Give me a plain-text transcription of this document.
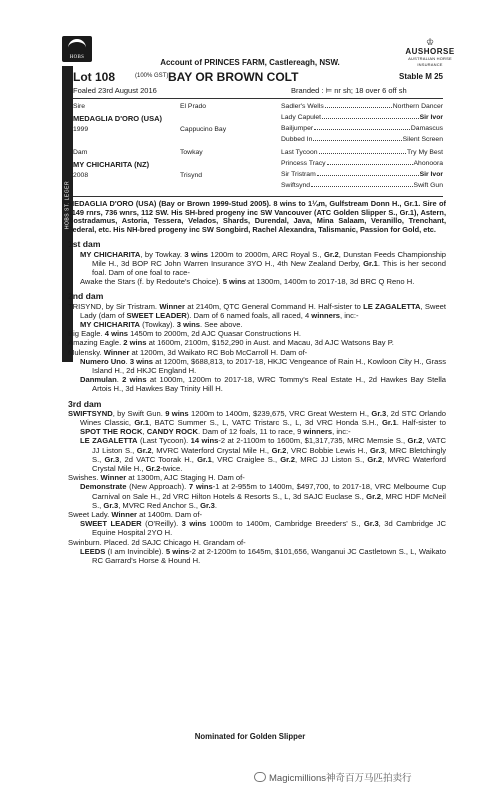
HOBS
♔
AUSHORSE
AUSTRALIAN HORSE INSURANCE
Account of PRINCES FARM, Castlereagh, NSW.
HOBS ST. LEGER
Lot 108	(100% GST) BAY OR BROWN COLT	Stable M 25
Foaled 23rd August 2016	Branded : ⊨ nr sh; 18 over 6 off sh
Sire	El Prado
MEDAGLIA D'ORO (USA)
1999	Cappucino Bay
Dam	Towkay
MY CHICHARITA (NZ)
2008	Trisynd
Sadler's Wells	Northern Dancer
Lady Capulet	Sir Ivor
Bailjumper	Damascus
Dubbed In	Silent Screen
Last Tycoon	Try My Best
Princess Tracy	Ahonoora
Sir Tristram	Sir Ivor
Swiftsynd	Swift Gun

MEDAGLIA D'ORO (USA) (Bay or Brown 1999-Stud 2005). 8 wins to 1¼m, Gulfstream Donn H., Gr.1. Sire of 1149 rnrs, 736 wnrs, 112 SW. His SH-bred progeny inc SW Vancouver (ATC Golden Slipper S., Gr.1), Astern, Nostradamus, Astoria, Tessera, Velados, Shards, Durendal, Java, Mina Salaam, Veranillo, Trenchant, Federal, etc. His NH-bred progeny inc SW Songbird, Rachel Alexandra, Talismanic, Passion for Gold, etc.

1st dam

MY CHICHARITA, by Towkay. 3 wins 1200m to 2000m, ARC Royal S., Gr.2, Dunstan Feeds Championship Mile H., 3d BOP RC John Warren Insurance 3YO H., 4th New Zealand Derby, Gr.1. This is her second foal. Dam of one foal to race-

Awake the Stars (f. by Redoute's Choice). 5 wins at 1300m, 1400m to 2017-18, 3d BRC Q Reno H.

2nd dam

TRISYND, by Sir Tristram. Winner at 2140m, QTC General Command H. Half-sister to LE ZAGALETTA, Sweet Lady (dam of SWEET LEADER). Dam of 6 named foals, all raced, 4 winners, inc:-

MY CHICHARITA (Towkay). 3 wins. See above.

Big Eagle. 4 wins 1450m to 2000m, 2d AJC Quasar Constructions H.

Amazing Eagle. 2 wins at 1600m, 2100m, $152,290 in Aust. and Macau, 3d AJC Watsons Bay P.

Mulensky. Winner at 1200m, 3d Waikato RC Bob McCarroll H. Dam of-

Numero Uno. 3 wins at 1200m, $688,813, to 2017-18, HKJC Vengeance of Rain H., Kowloon City H., Grass Island H., 2d HKJC England H.

Danmulan. 2 wins at 1000m, 1200m to 2017-18, WRC Tommy's Real Estate H., 2d Hawkes Bay Stella Artois H., 3d Hawkes Bay Trinity Hill H.

3rd dam

SWIFTSYND, by Swift Gun. 9 wins 1200m to 1400m, $239,675, VRC Great Western H., Gr.3, 2d STC Orlando Wines Classic, Gr.1, BATC Summer S., L, VATC Tristarc S., L, 3d VRC Honda S.H., Gr.1. Half-sister to SPOT THE ROCK, CANDY ROCK. Dam of 12 foals, 11 to race, 9 winners, inc:-

LE ZAGALETTA (Last Tycoon). 14 wins-2 at 2-1100m to 1600m, $1,317,735, MRC Memsie S., Gr.2, VATC JJ Liston S., Gr.2, MVRC Waterford Crystal Mile H., Gr.2, VRC Bobbie Lewis H., Gr.3, MRC Bletchingly S., Gr.3, 2d VATC Toorak H., Gr.1, VRC Craiglee S., Gr.2, MRC JJ Liston S., Gr.2, MVRC Waterford Crystal Mile H., Gr.2-twice.

Swishes. Winner at 1300m, AJC Staging H. Dam of-

Demonstrate (New Approach). 7 wins-1 at 2-955m to 1400m, $497,700, to 2017-18, VRC Melbourne Cup Carnival on Sale H., 2d VRC Hilton Hotels & Resorts S., L, 3d SAJC Euclase S., Gr.2, MRC HDF McNeil S., Gr.3, MVRC Red Anchor S., Gr.3.

Sweet Lady. Winner at 1400m. Dam of-

SWEET LEADER (O'Reilly). 3 wins 1000m to 1400m, Cambridge Breeders' S., Gr.3, 3d Cambridge JC Equine Hospital 2YO H.

Swinburn. Placed. 2d SAJC Chicago H. Grandam of-

LEEDS (I am Invincible). 5 wins-2 at 2-1200m to 1645m, $101,656, Wanganui JC Castletown S., L, Waikato RC Garrard's Horse & Hound H.

Nominated for Golden Slipper
Magicmillions神奇百万马匹拍卖行
